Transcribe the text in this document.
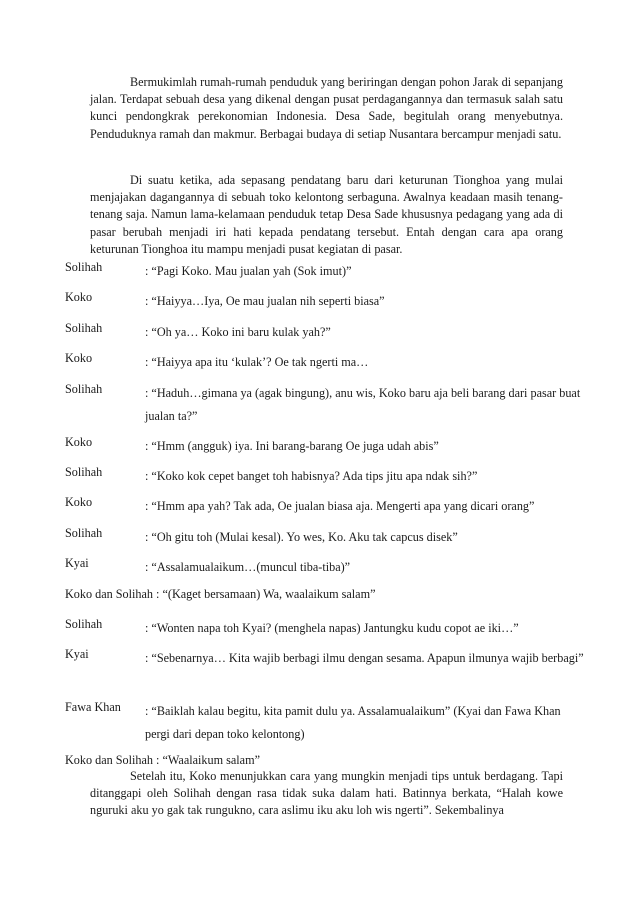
Bermukimlah rumah-rumah penduduk yang beriringan dengan pohon Jarak di sepanjang jalan. Terdapat sebuah desa yang dikenal dengan pusat perdagangannya dan termasuk salah satu kunci pendongkrak perekonomian Indonesia. Desa Sade, begitulah orang menyebutnya. Penduduknya ramah dan makmur. Berbagai budaya di setiap Nusantara bercampur menjadi satu.

Di suatu ketika, ada sepasang pendatang baru dari keturunan Tionghoa yang mulai menjajakan dagangannya di sebuah toko kelontong serbaguna. Awalnya keadaan masih tenang-tenang saja. Namun lama-kelamaan penduduk tetap Desa Sade khususnya pedagang yang ada di pasar berubah menjadi iri hati kepada pendatang tersebut. Entah dengan cara apa orang keturunan Tionghoa itu mampu menjadi pusat kegiatan di pasar.

Solihah	: “Pagi Koko. Mau jualan yah (Sok imut)”
Koko	: “Haiyya…Iya, Oe mau jualan nih seperti biasa”
Solihah	: “Oh ya… Koko ini baru kulak yah?”
Koko	: “Haiyya apa itu ‘kulak’? Oe tak ngerti ma…
Solihah	: “Haduh…gimana ya (agak bingung), anu wis, Koko baru aja beli barang dari pasar buat jualan ta?”
Koko	: “Hmm (angguk) iya. Ini barang-barang Oe juga udah abis”
Solihah	: “Koko kok cepet banget toh habisnya? Ada tips jitu apa ndak sih?”
Koko	: “Hmm apa yah? Tak ada, Oe jualan biasa aja. Mengerti apa yang dicari orang”
Solihah	: “Oh gitu toh (Mulai kesal). Yo wes, Ko. Aku tak capcus disek”
Kyai	: “Assalamualaikum…(muncul tiba-tiba)”
Koko dan Solihah : “(Kaget bersamaan) Wa, waalaikum salam”
Solihah	: “Wonten napa toh Kyai? (menghela napas) Jantungku kudu copot ae iki…”
Kyai	: “Sebenarnya… Kita wajib berbagi ilmu dengan sesama. Apapun ilmunya wajib berbagi”
Fawa Khan : “Baiklah kalau begitu, kita pamit dulu ya. Assalamualaikum” (Kyai dan Fawa Khan pergi dari depan toko kelontong)
Koko dan Solihah : “Waalaikum salam”

Setelah itu, Koko menunjukkan cara yang mungkin menjadi tips untuk berdagang. Tapi ditanggapi oleh Solihah dengan rasa tidak suka dalam hati. Batinnya berkata, “Halah kowe nguruki aku yo gak tak rungukno, cara aslimu iku aku loh wis ngerti”. Sekembalinya
